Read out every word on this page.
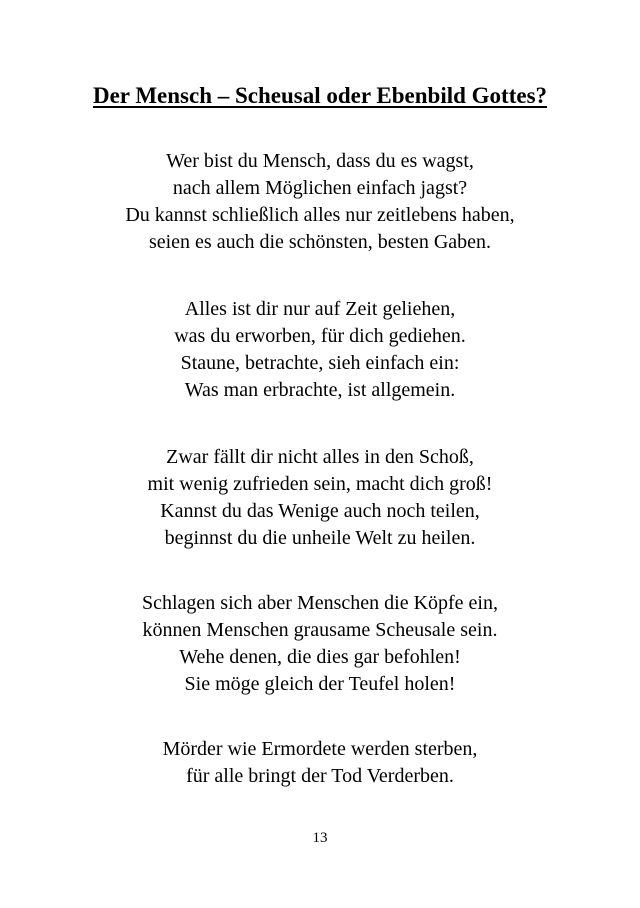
Der Mensch – Scheusal oder Ebenbild Gottes?
Wer bist du Mensch, dass du es wagst,
nach allem Möglichen einfach jagst?
Du kannst schließlich alles nur zeitlebens haben,
seien es auch die schönsten, besten Gaben.
Alles ist dir nur auf Zeit geliehen,
was du erworben, für dich gediehen.
Staune, betrachte, sieh einfach ein:
Was man erbrachte, ist allgemein.
Zwar fällt dir nicht alles in den Schoß,
mit wenig zufrieden sein, macht dich groß!
Kannst du das Wenige auch noch teilen,
beginnst du die unheile Welt zu heilen.
Schlagen sich aber Menschen die Köpfe ein,
können Menschen grausame Scheusale sein.
Wehe denen, die dies gar befohlen!
Sie möge gleich der Teufel holen!
Mörder wie Ermordete werden sterben,
für alle bringt der Tod Verderben.
13
